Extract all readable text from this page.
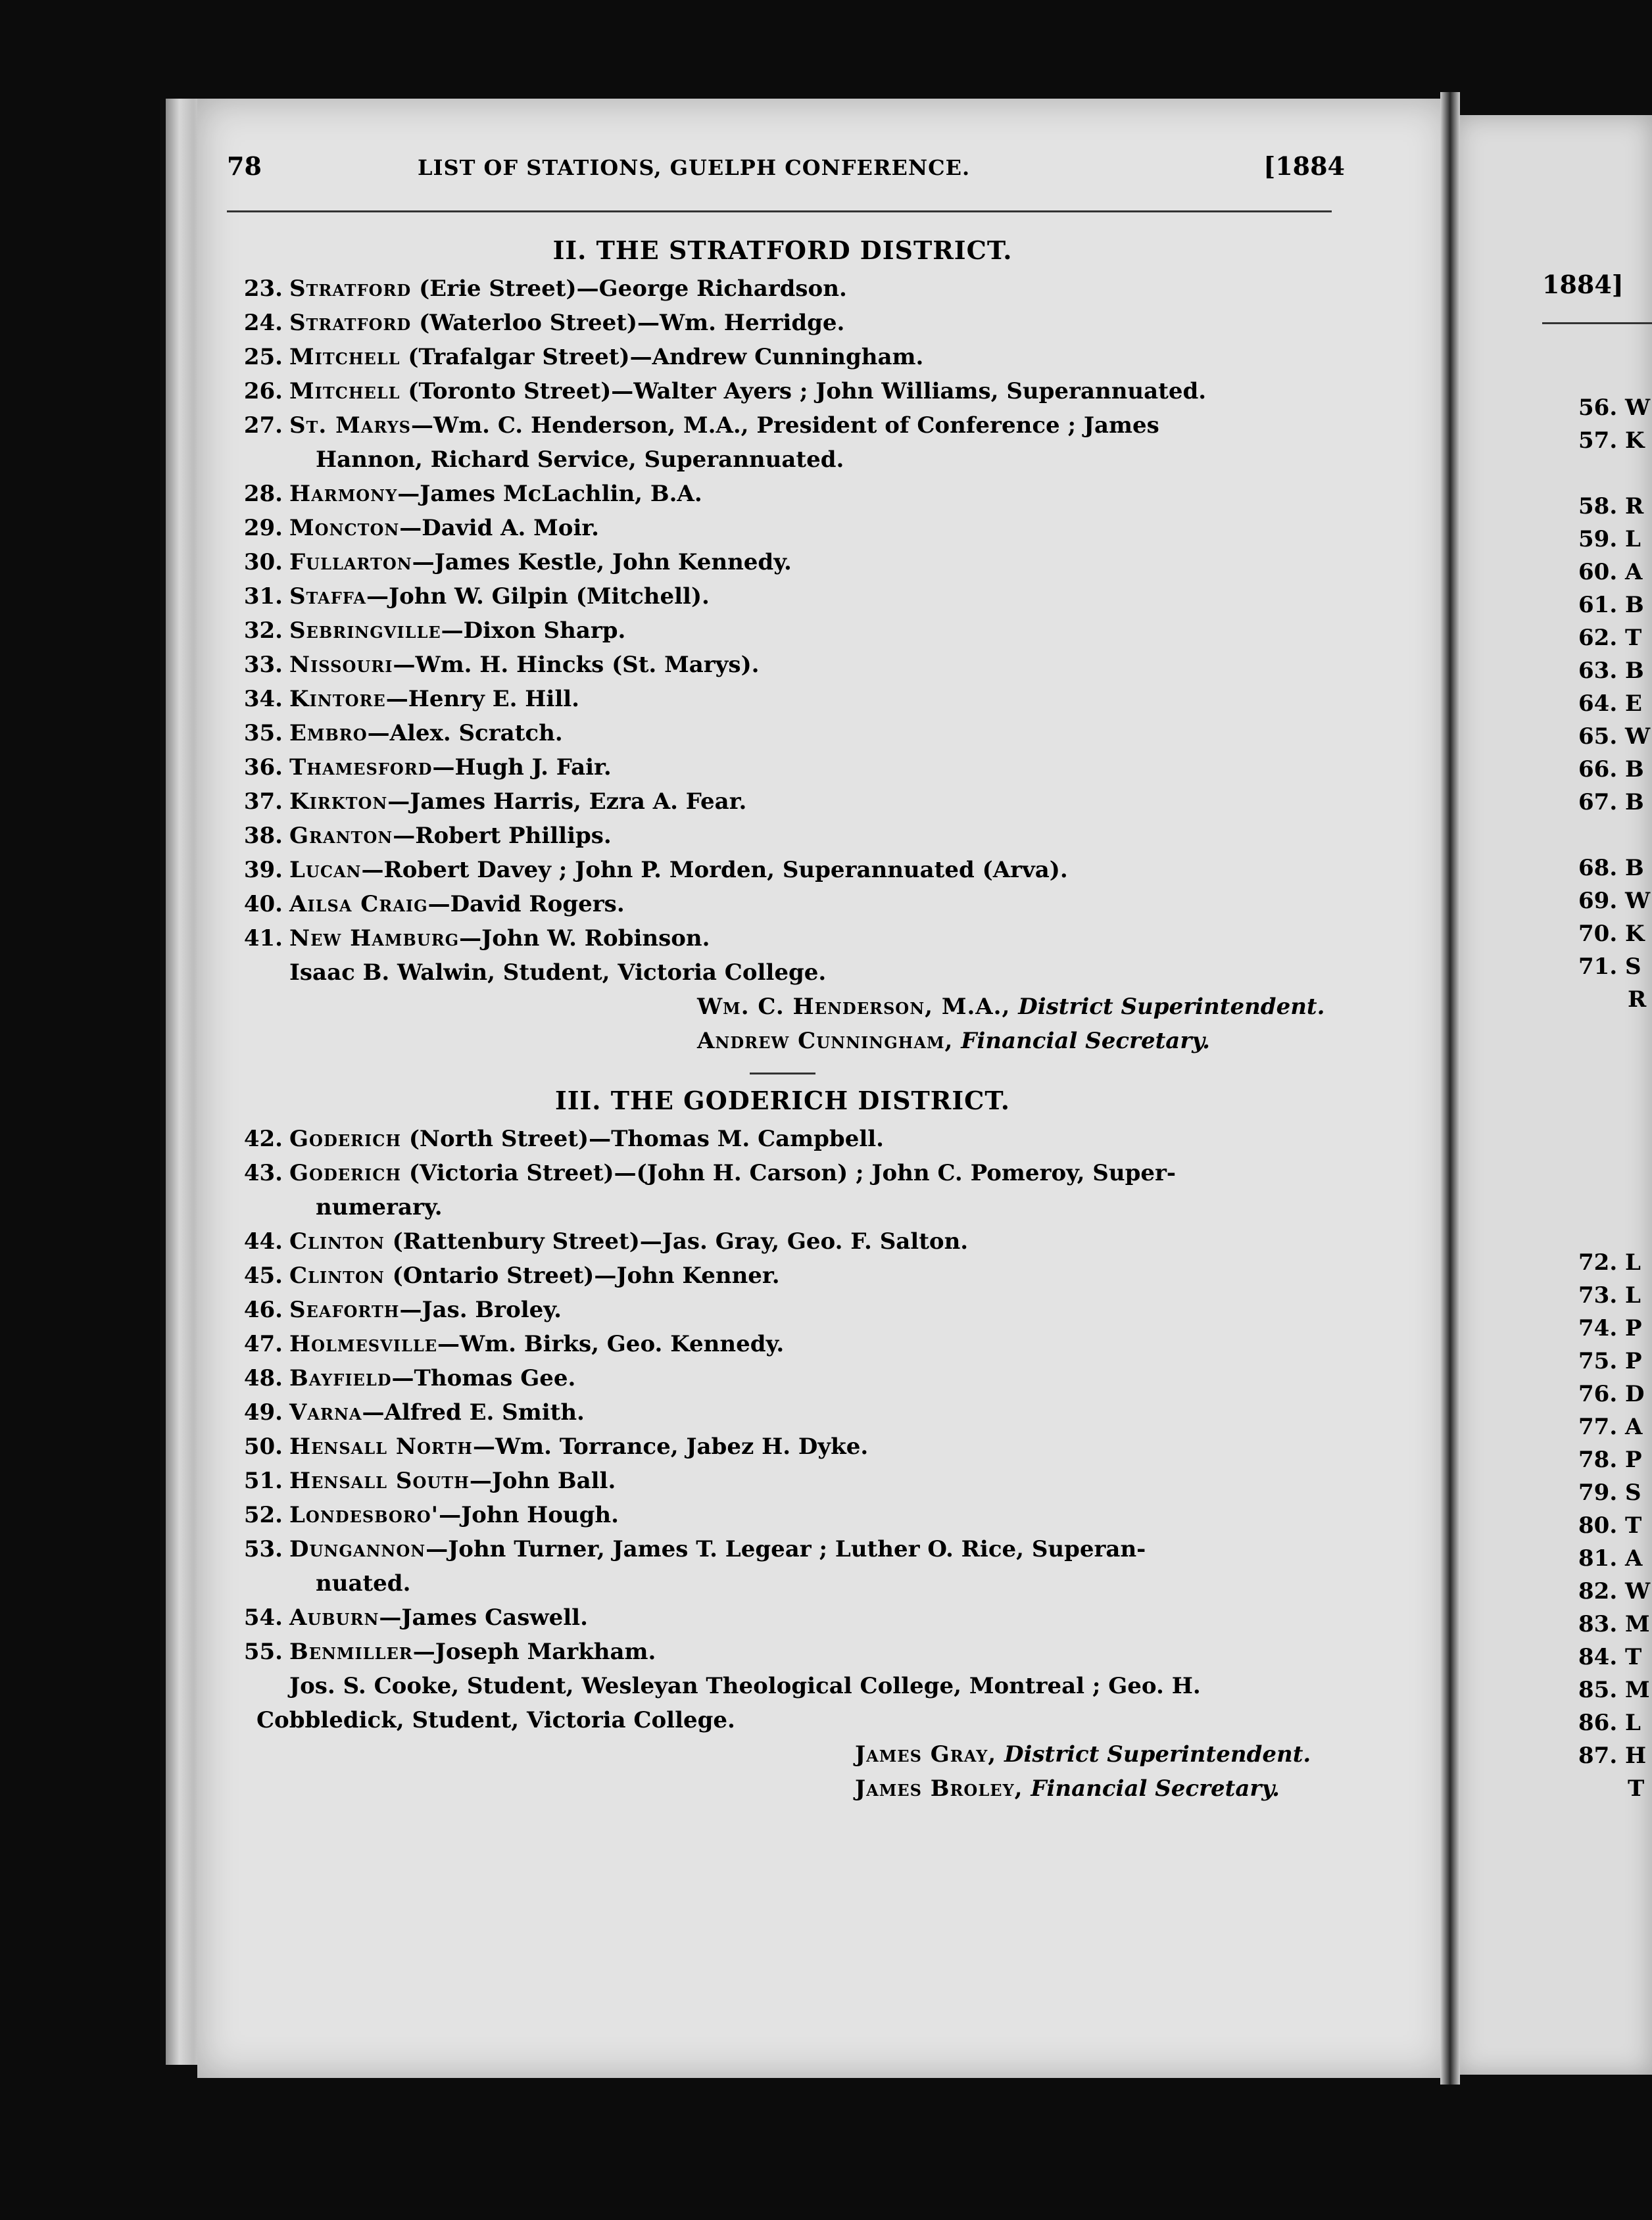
78	LIST OF STATIONS, GUELPH CONFERENCE.	[1884
II. THE STRATFORD DISTRICT.
23. Stratford (Erie Street)—George Richardson.
24. Stratford (Waterloo Street)—Wm. Herridge.
25. Mitchell (Trafalgar Street)—Andrew Cunningham.
26. Mitchell (Toronto Street)—Walter Ayers ; John Williams, Superannuated.
27. St. Marys—Wm. C. Henderson, M.A., President of Conference ; James
Hannon, Richard Service, Superannuated.
28. Harmony—James McLachlin, B.A.
29. Moncton—David A. Moir.
30. Fullarton—James Kestle, John Kennedy.
31. Staffa—John W. Gilpin (Mitchell).
32. Sebringville—Dixon Sharp.
33. Nissouri—Wm. H. Hincks (St. Marys).
34. Kintore—Henry E. Hill.
35. Embro—Alex. Scratch.
36. Thamesford—Hugh J. Fair.
37. Kirkton—James Harris, Ezra A. Fear.
38. Granton—Robert Phillips.
39. Lucan—Robert Davey ; John P. Morden, Superannuated (Arva).
40. Ailsa Craig—David Rogers.
41. New Hamburg—John W. Robinson.
Isaac B. Walwin, Student, Victoria College.
Wm. C. Henderson, M.A., District Superintendent.
Andrew Cunningham, Financial Secretary.
III. THE GODERICH DISTRICT.
42. Goderich (North Street)—Thomas M. Campbell.
43. Goderich (Victoria Street)—(John H. Carson) ; John C. Pomeroy, Super-
numerary.
44. Clinton (Rattenbury Street)—Jas. Gray, Geo. F. Salton.
45. Clinton (Ontario Street)—John Kenner.
46. Seaforth—Jas. Broley.
47. Holmesville—Wm. Birks, Geo. Kennedy.
48. Bayfield—Thomas Gee.
49. Varna—Alfred E. Smith.
50. Hensall North—Wm. Torrance, Jabez H. Dyke.
51. Hensall South—John Ball.
52. Londesboro'—John Hough.
53. Dungannon—John Turner, James T. Legear ; Luther O. Rice, Superan-
nuated.
54. Auburn—James Caswell.
55. Benmiller—Joseph Markham.
Jos. S. Cooke, Student, Wesleyan Theological College, Montreal ; Geo. H.
Cobbledick, Student, Victoria College.
James Gray, District Superintendent.
James Broley, Financial Secretary.
1884]
56. W
57. K
58. R
59. L
60. A
61. B
62. T
63. B
64. E
65. W
66. B
67. B
68. B
69. W
70. K
71. S
R
72. L
73. L
74. P
75. P
76. D
77. A
78. P
79. S
80. T
81. A
82. W
83. M
84. T
85. M
86. L
87. H
T
